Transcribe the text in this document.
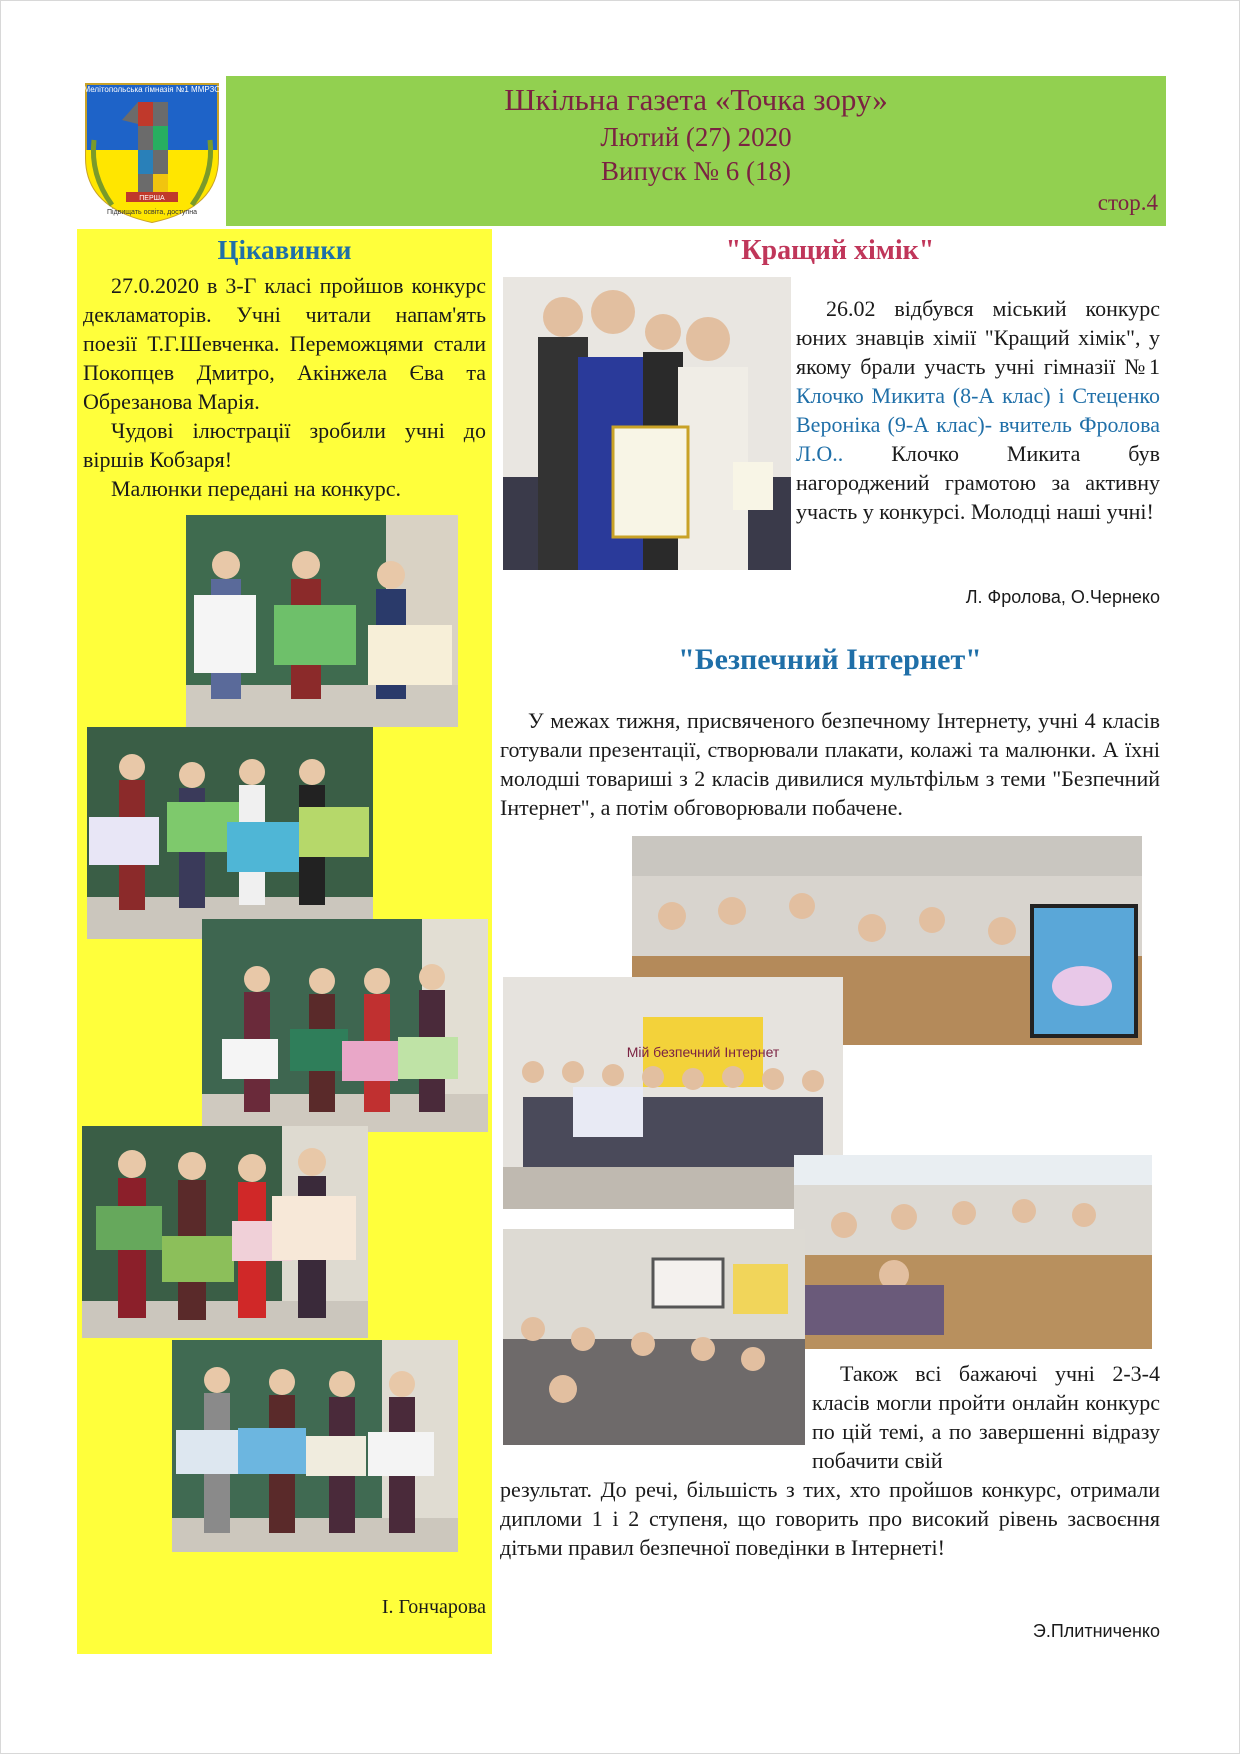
Мелітопольська гімназія №1 ММРЗО
ПЕРША
Підвищать освіта, доступна
Шкільна газета «Точка зору»
Лютий (27) 2020
Випуск № 6 (18)
стор.4
Цікавинки

27.0.2020 в 3-Г класі пройшов конкурс декламаторів. Учні читали напам'ять поезії Т.Г.Шевченка. Переможцями стали Покопцев Дмитро, Акінжела Єва та Обрезанова Марія.

Чудові ілюстрації зробили учні до віршів Кобзаря!

Малюнки передані на конкурс.

І. Гончарова
"Кращий хімік"

26.02 відбувся міський конкурс юних знавців хімії "Кращий хімік", у якому брали участь учні гімназії №1 Клочко Микита (8-А клас) і Стеценко Вероніка (9-А клас)- вчитель Фролова Л.О.. Клочко Микита був нагороджений грамотою за активну участь у конкурсі. Молодці наші учні!

Л. Фролова, О.Чернеко
"Безпечний Інтернет"

У межах тижня, присвяченого безпечному Інтернету, учні 4 класів готували презентації, створювали плакати, колажі та малюнки. А їхні молодші товариші з 2 класів дивилися мультфільм з теми "Безпечний Інтернет", а потім обговорювали побачене.

Мій безпечний Інтернет

Також всі бажаючі учні 2-3-4 класів могли пройти онлайн конкурс по цій темі, а по завершенні відразу побачити свій

результат. До речі, більшість з тих, хто пройшов конкурс, отримали дипломи 1 і 2 ступеня, що говорить про високий рівень засвоєння дітьми правил безпечної поведінки в Інтернеті!
Э.Плитниченко
